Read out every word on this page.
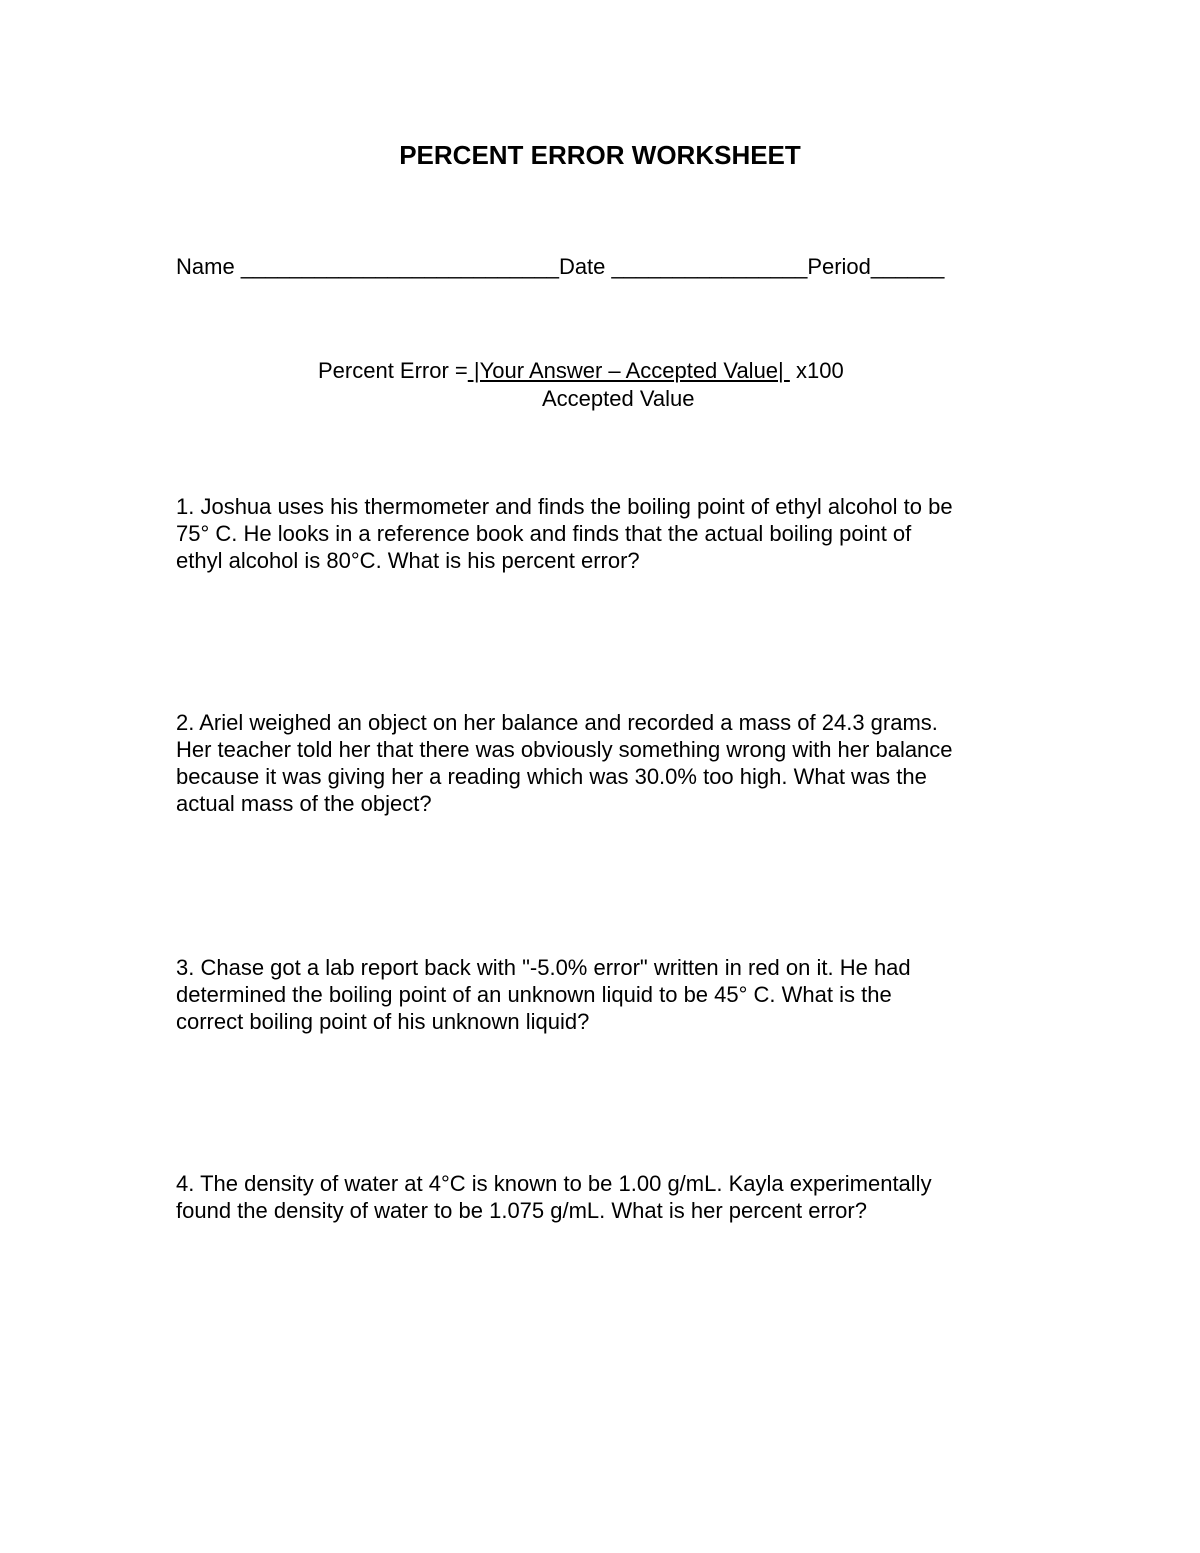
PERCENT ERROR WORKSHEET
Name __________________________Date ________________Period______
Percent Error = |Your Answer – Accepted Value|  x100
Accepted Value
1. Joshua uses his thermometer and finds the boiling point of ethyl alcohol to be
75° C. He looks in a reference book and finds that the actual boiling point of
ethyl alcohol is 80°C. What is his percent error?
2. Ariel weighed an object on her balance and recorded a mass of 24.3 grams.
Her teacher told her that there was obviously something wrong with her balance
because it was giving her a reading which was 30.0% too high. What was the
actual mass of the object?
3. Chase got a lab report back with "-5.0% error" written in red on it. He had
determined the boiling point of an unknown liquid to be 45° C. What is the
correct boiling point of his unknown liquid?
4. The density of water at 4°C is known to be 1.00 g/mL. Kayla experimentally
found the density of water to be 1.075 g/mL. What is her percent error?
